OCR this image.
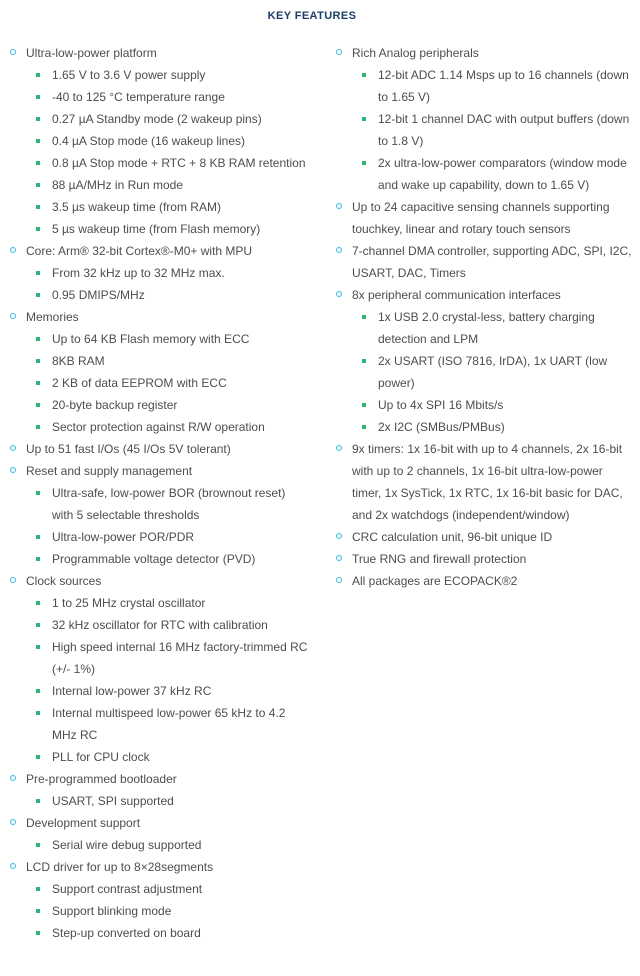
KEY FEATURES
Ultra-low-power platform
1.65 V to 3.6 V power supply
-40 to 125 °C temperature range
0.27 µA Standby mode (2 wakeup pins)
0.4 µA Stop mode (16 wakeup lines)
0.8 µA Stop mode + RTC + 8 KB RAM retention
88 µA/MHz in Run mode
3.5 µs wakeup time (from RAM)
5 µs wakeup time (from Flash memory)
Core: Arm® 32-bit Cortex®-M0+ with MPU
From 32 kHz up to 32 MHz max.
0.95 DMIPS/MHz
Memories
Up to 64 KB Flash memory with ECC
8KB RAM
2 KB of data EEPROM with ECC
20-byte backup register
Sector protection against R/W operation
Up to 51 fast I/Os (45 I/Os 5V tolerant)
Reset and supply management
Ultra-safe, low-power BOR (brownout reset) with 5 selectable thresholds
Ultra-low-power POR/PDR
Programmable voltage detector (PVD)
Clock sources
1 to 25 MHz crystal oscillator
32 kHz oscillator for RTC with calibration
High speed internal 16 MHz factory-trimmed RC (+/- 1%)
Internal low-power 37 kHz RC
Internal multispeed low-power 65 kHz to 4.2 MHz RC
PLL for CPU clock
Pre-programmed bootloader
USART, SPI supported
Development support
Serial wire debug supported
LCD driver for up to 8×28segments
Support contrast adjustment
Support blinking mode
Step-up converted on board
Rich Analog peripherals
12-bit ADC 1.14 Msps up to 16 channels (down to 1.65 V)
12-bit 1 channel DAC with output buffers (down to 1.8 V)
2x ultra-low-power comparators (window mode and wake up capability, down to 1.65 V)
Up to 24 capacitive sensing channels supporting touchkey, linear and rotary touch sensors
7-channel DMA controller, supporting ADC, SPI, I2C, USART, DAC, Timers
8x peripheral communication interfaces
1x USB 2.0 crystal-less, battery charging detection and LPM
2x USART (ISO 7816, IrDA), 1x UART (low power)
Up to 4x SPI 16 Mbits/s
2x I2C (SMBus/PMBus)
9x timers: 1x 16-bit with up to 4 channels, 2x 16-bit with up to 2 channels, 1x 16-bit ultra-low-power timer, 1x SysTick, 1x RTC, 1x 16-bit basic for DAC, and 2x watchdogs (independent/window)
CRC calculation unit, 96-bit unique ID
True RNG and firewall protection
All packages are ECOPACK®2
